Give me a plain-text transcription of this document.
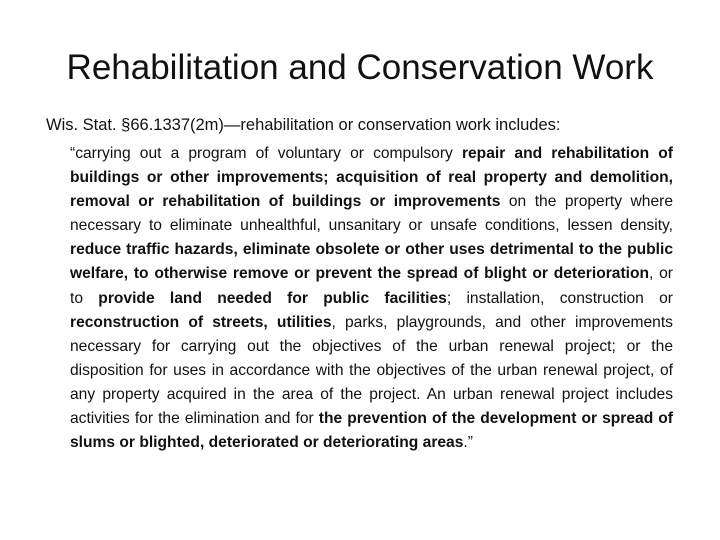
Rehabilitation and Conservation Work

Wis. Stat. §66.1337(2m)—rehabilitation or conservation work includes:

“carrying out a program of voluntary or compulsory repair and rehabilitation of buildings or other improvements; acquisition of real property and demolition, removal or rehabilitation of buildings or improvements on the property where necessary to eliminate unhealthful, unsanitary or unsafe conditions, lessen density, reduce traffic hazards, eliminate obsolete or other uses detrimental to the public welfare, to otherwise remove or prevent the spread of blight or deterioration, or to provide land needed for public facilities; installation, construction or reconstruction of streets, utilities, parks, playgrounds, and other improvements necessary for carrying out the objectives of the urban renewal project; or the disposition for uses in accordance with the objectives of the urban renewal project, of any property acquired in the area of the project. An urban renewal project includes activities for the elimination and for the prevention of the development or spread of slums or blighted, deteriorated or deteriorating areas.”
